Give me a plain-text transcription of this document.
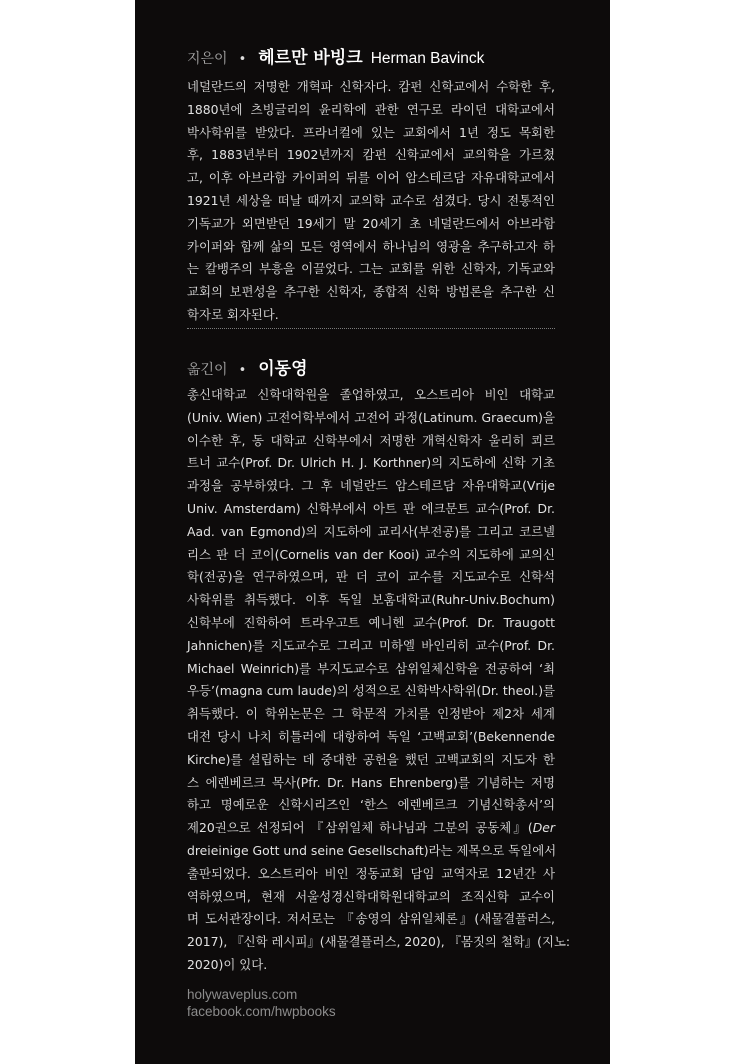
지은이 • 헤르만 바빙크 Herman Bavinck
네덜란드의 저명한 개혁파 신학자다. 캄펀 신학교에서 수학한 후,
1880년에 츠빙글리의 윤리학에 관한 연구로 라이던 대학교에서
박사학위를 받았다. 프라너컬에 있는 교회에서 1년 정도 목회한
후, 1883년부터 1902년까지 캄펀 신학교에서 교의학을 가르쳤
고, 이후 아브라함 카이퍼의 뒤를 이어 암스테르담 자유대학교에서
1921년 세상을 떠날 때까지 교의학 교수로 섬겼다. 당시 전통적인
기독교가 외면받던 19세기 말 20세기 초 네덜란드에서 아브라함
카이퍼와 함께 삶의 모든 영역에서 하나님의 영광을 추구하고자 하
는 칼뱅주의 부흥을 이끌었다. 그는 교회를 위한 신학자, 기독교와
교회의 보편성을 추구한 신학자, 종합적 신학 방법론을 추구한 신
학자로 회자된다.
옮긴이 • 이동영
총신대학교 신학대학원을 졸업하였고, 오스트리아 비인 대학교
(Univ. Wien) 고전어학부에서 고전어 과정(Latinum. Graecum)을
이수한 후, 동 대학교 신학부에서 저명한 개혁신학자 울리히 쾨르
트너 교수(Prof. Dr. Ulrich H. J. Korthner)의 지도하에 신학 기초
과정을 공부하였다. 그 후 네덜란드 암스테르담 자유대학교(Vrije
Univ. Amsterdam) 신학부에서 아트 판 에크문트 교수(Prof. Dr.
Aad. van Egmond)의 지도하에 교리사(부전공)를 그리고 코르넬
리스 판 더 코이(Cornelis van der Kooi) 교수의 지도하에 교의신
학(전공)을 연구하였으며, 판 더 코이 교수를 지도교수로 신학석
사학위를 취득했다. 이후 독일 보훔대학교(Ruhr-Univ.Bochum)
신학부에 진학하여 트라우고트 예니헨 교수(Prof. Dr. Traugott
Jahnichen)를 지도교수로 그리고 미하엘 바인리히 교수(Prof. Dr.
Michael Weinrich)를 부지도교수로 삼위일체신학을 전공하여 ‘최
우등’(magna cum laude)의 성적으로 신학박사학위(Dr. theol.)를
취득했다. 이 학위논문은 그 학문적 가치를 인정받아 제2차 세계
대전 당시 나치 히틀러에 대항하여 독일 ‘고백교회’(Bekennende
Kirche)를 설립하는 데 중대한 공헌을 했던 고백교회의 지도자 한
스 에렌베르크 목사(Pfr. Dr. Hans Ehrenberg)를 기념하는 저명
하고 명예로운 신학시리즈인 ‘한스 에렌베르크 기념신학총서’의
제20권으로 선정되어 『삼위일체 하나님과 그분의 공동체』(Der
dreieinige Gott und seine Gesellschaft)라는 제목으로 독일에서
출판되었다. 오스트리아 비인 정동교회 담임 교역자로 12년간 사
역하였으며, 현재 서울성경신학대학원대학교의 조직신학 교수이
며 도서관장이다. 저서로는 『송영의 삼위일체론』(새물결플러스,
2017), 『신학 레시피』(새물결플러스, 2020), 『몸짓의 철학』(지노:
2020)이 있다.
holywaveplus.com
facebook.com/hwpbooks
